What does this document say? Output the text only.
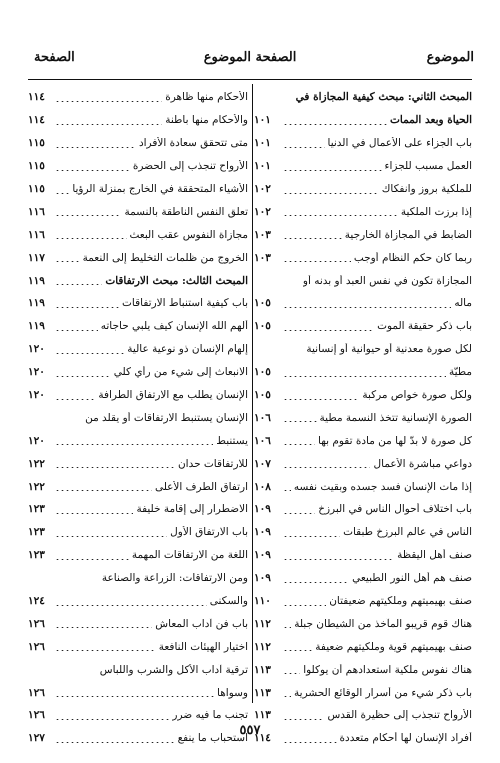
الموضوع
الصفحة الموضوع
الصفحة
المبحث الثاني: مبحث كيفية المجازاة في
الحياة وبعد الممات
١٠١
باب الجزاء على الأعمال في الدنيا
١٠١
العمل مسبب للجزاء
١٠١
للملكية بروز وانفكاك
١٠٢
إذا برزت الملكية
١٠٢
الضابط في المجازاة الخارجية
١٠٣
ربما كان حكم النظام أوجب
١٠٣
المجازاة تكون في نفس العبد أو بدنه أو
ماله
١٠٥
باب ذكر حقيقة الموت
١٠٥
لكل صورة معدنية أو حيوانية أو إنسانية
مطيّة
١٠٥
ولكل صورة خواص مركبة
١٠٥
الصورة الإنسانية تتخذ النسمة مطية
١٠٦
كل صورة لا بدّ لها من مادة تقوم بها
١٠٦
دواعي مباشرة الأعمال
١٠٧
إذا مات الإنسان فسد جسده وبقيت نفسه
١٠٨
باب اختلاف أحوال الناس في البرزخ
١٠٩
الناس في عالم البرزخ طبقات
١٠٩
صنف أهل اليقظة
١٠٩
صنف هم أهل النور الطبيعي
١٠٩
صنف بهيميتهم وملكيتهم ضعيفتان
١١٠
هناك قوم قريبو المآخذ من الشيطان جبلة
١١٢
صنف بهيميتهم قوية وملكيتهم ضعيفة
١١٢
هناك نفوس ملكية استعدادهم أن يوكلوا
١١٣
باب ذكر شيء من أسرار الوقائع الحشرية
١١٣
الأرواح تنجذب إلى حظيرة القدس
١١٣
أفراد الإنسان لها أحكام متعددة
١١٤
الأحكام منها ظاهرة
١١٤
والأحكام منها باطنة
١١٤
متى تتحقق سعادة الأفراد
١١٥
الأرواح تنجذب إلى الحضرة
١١٥
الأشياء المتحققة في الخارج بمنزلة الرؤيا
١١٥
تعلق النفس الناطقة بالنسمة
١١٦
مجازاة النفوس عقب البعث
١١٦
الخروج من ظلمات التخليط إلى النعمة
١١٧
المبحث الثالث: مبحث الارتفاقات
١١٩
باب كيفية استنباط الارتفاقات
١١٩
ألهم الله الإنسان كيف يلبي حاجاته
١١٩
إلهام الإنسان ذو نوعية عالية
١٢٠
الانبعاث إلى شيء من رأي كلي
١٢٠
الإنسان يطلب مع الارتفاق الطرافة
١٢٠
الإنسان يستنبط الارتفاقات أو يقلد من
يستنبط
١٢٠
للارتفاقات حدان
١٢٢
ارتفاق الطرف الأعلى
١٢٢
الاضطرار إلى إقامة خليفة
١٢٣
باب الارتفاق الأول
١٢٣
اللغة من الارتفاقات المهمة
١٢٣
ومن الارتفاقات: الزراعة والصناعة
والسكنى
١٢٤
باب فن آداب المعاش
١٢٦
اختيار الهيئات النافعة
١٢٦
ترقية آداب الأكل والشرب واللباس
وسواها
١٢٦
تجنب ما فيه ضرر
١٢٦
استحباب ما ينفع
١٢٧
٥٥٧
